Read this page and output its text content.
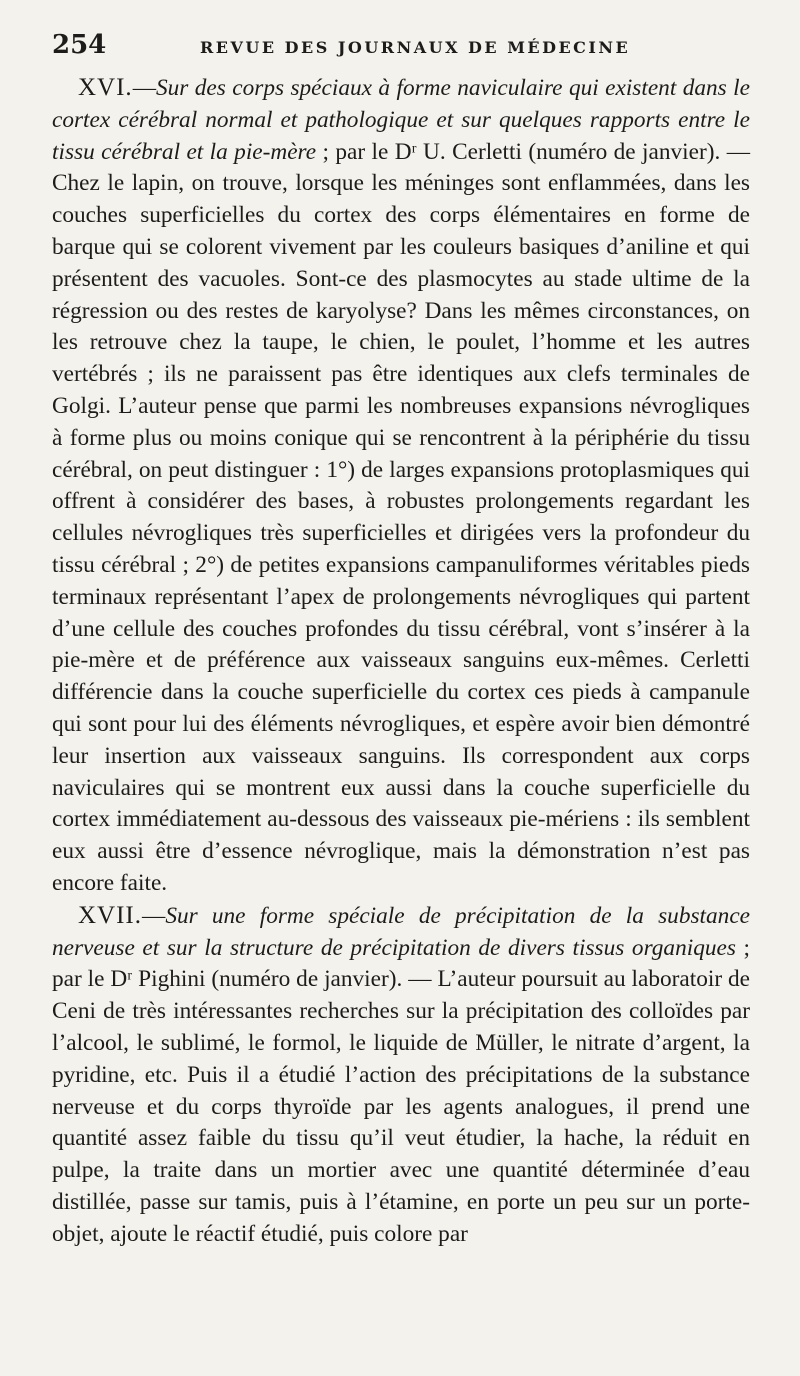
254	REVUE DES JOURNAUX DE MÉDECINE

XVI.—Sur des corps spéciaux à forme naviculaire qui existent dans le cortex cérébral normal et pathologique et sur quelques rapports entre le tissu cérébral et la pie-mère ; par le Dʳ U. Cerletti (numéro de janvier). — Chez le lapin, on trouve, lorsque les méninges sont enflammées, dans les couches superficielles du cortex des corps élémentaires en forme de barque qui se colorent vivement par les couleurs basiques d’aniline et qui présentent des vacuoles. Sont-ce des plasmocytes au stade ultime de la régression ou des restes de karyolyse? Dans les mêmes circonstances, on les retrouve chez la taupe, le chien, le poulet, l’homme et les autres vertébrés ; ils ne paraissent pas être identiques aux clefs terminales de Golgi. L’auteur pense que parmi les nombreuses expansions névrogliques à forme plus ou moins conique qui se rencontrent à la périphérie du tissu cérébral, on peut distinguer : 1°) de larges expansions protoplasmiques qui offrent à considérer des bases, à robustes prolongements regardant les cellules névrogliques très superficielles et dirigées vers la profondeur du tissu cérébral ; 2°) de petites expansions campanuliformes véritables pieds terminaux représentant l’apex de prolongements névrogliques qui partent d’une cellule des couches profondes du tissu cérébral, vont s’insérer à la pie-mère et de préférence aux vaisseaux sanguins eux-mêmes. Cerletti différencie dans la couche superficielle du cortex ces pieds à campanule qui sont pour lui des éléments névrogliques, et espère avoir bien démontré leur insertion aux vaisseaux sanguins. Ils correspondent aux corps naviculaires qui se montrent eux aussi dans la couche superficielle du cortex immédiatement au-dessous des vaisseaux pie-mériens : ils semblent eux aussi être d’essence névroglique, mais la démonstration n’est pas encore faite.

XVII.—Sur une forme spéciale de précipitation de la substance nerveuse et sur la structure de précipitation de divers tissus organiques ; par le Dʳ Pighini (numéro de janvier). — L’auteur poursuit au laboratoir de Ceni de très intéressantes recherches sur la précipitation des colloïdes par l’alcool, le sublimé, le formol, le liquide de Müller, le nitrate d’argent, la pyridine, etc. Puis il a étudié l’action des précipitations de la substance nerveuse et du corps thyroïde par les agents analogues, il prend une quantité assez faible du tissu qu’il veut étudier, la hache, la réduit en pulpe, la traite dans un mortier avec une quantité déterminée d’eau distillée, passe sur tamis, puis à l’étamine, en porte un peu sur un porte-objet, ajoute le réactif étudié, puis colore par
